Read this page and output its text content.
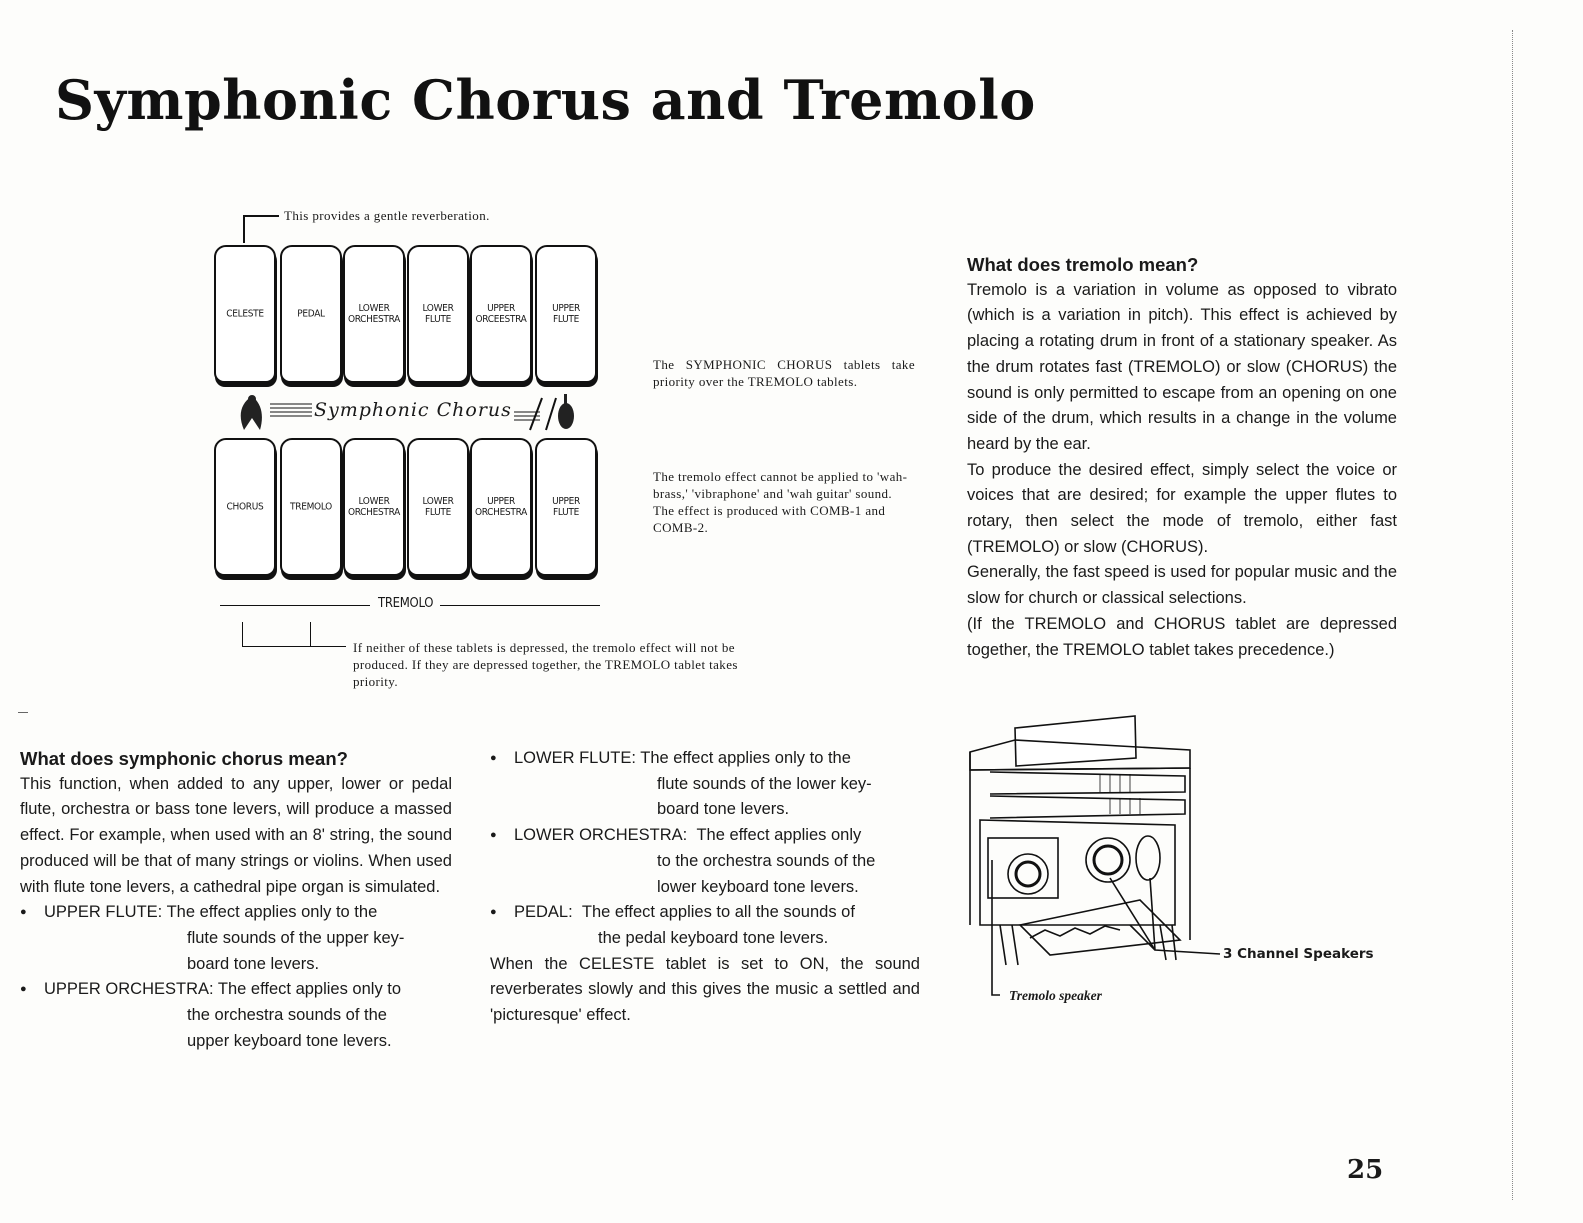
Symphonic Chorus and Tremolo
This provides a gentle reverberation.
CELESTE	PEDAL	LOWER
ORCHESTRA
LOWER
FLUTE
UPPER
ORCEESTRA
UPPER
FLUTE
Symphonic Chorus
CHORUS	TREMOLO	LOWER
ORCHESTRA
LOWER
FLUTE
UPPER
ORCHESTRA
UPPER
FLUTE
TREMOLO
If neither of these tablets is depressed, the tremolo effect will not be produced. If they are depressed together, the TREMOLO tablet takes priority.
The SYMPHONIC CHORUS tablets take priority over the TREMOLO tablets.

The tremolo effect cannot be applied to 'wah-brass,' 'vibraphone' and 'wah guitar' sound.

The effect is produced with COMB-1 and COMB-2.

What does tremolo mean?

Tremolo is a variation in volume as opposed to vibrato (which is a variation in pitch). This effect is achieved by placing a rotating drum in front of a stationary speaker. As the drum rotates fast (TREMOLO) or slow (CHORUS) the sound is only permitted to escape from an opening on one side of the drum, which results in a change in the volume heard by the ear.

To produce the desired effect, simply select the voice or voices that are desired; for example the upper flutes to rotary, then select the mode of tremolo, either fast (TREMOLO) or slow (CHORUS).

Generally, the fast speed is used for popular music and the slow for church or classical selections.

(If the TREMOLO and CHORUS tablet are depressed together, the TREMOLO tablet takes precedence.)

What does symphonic chorus mean?

This function, when added to any upper, lower or pedal flute, orchestra or bass tone levers, will produce a massed effect. For example, when used with an 8' string, the sound produced will be that of many strings or violins. When used with flute tone levers, a cathedral pipe organ is simulated.

●
UPPER FLUTE: The effect applies only to the
flute sounds of the upper key-
board tone levers.
●
UPPER ORCHESTRA: The effect applies only to
the orchestra sounds of the
upper keyboard tone levers.
●
LOWER FLUTE: The effect applies only to the
flute sounds of the lower key-
board tone levers.
●
LOWER ORCHESTRA: The effect applies only
to the orchestra sounds of the
lower keyboard tone levers.
●
PEDAL: The effect applies to all the sounds of
the pedal keyboard tone levers.

When the CELESTE tablet is set to ON, the sound reverberates slowly and this gives the music a settled and 'picturesque' effect.

3 Channel Speakers
Tremolo speaker
25
